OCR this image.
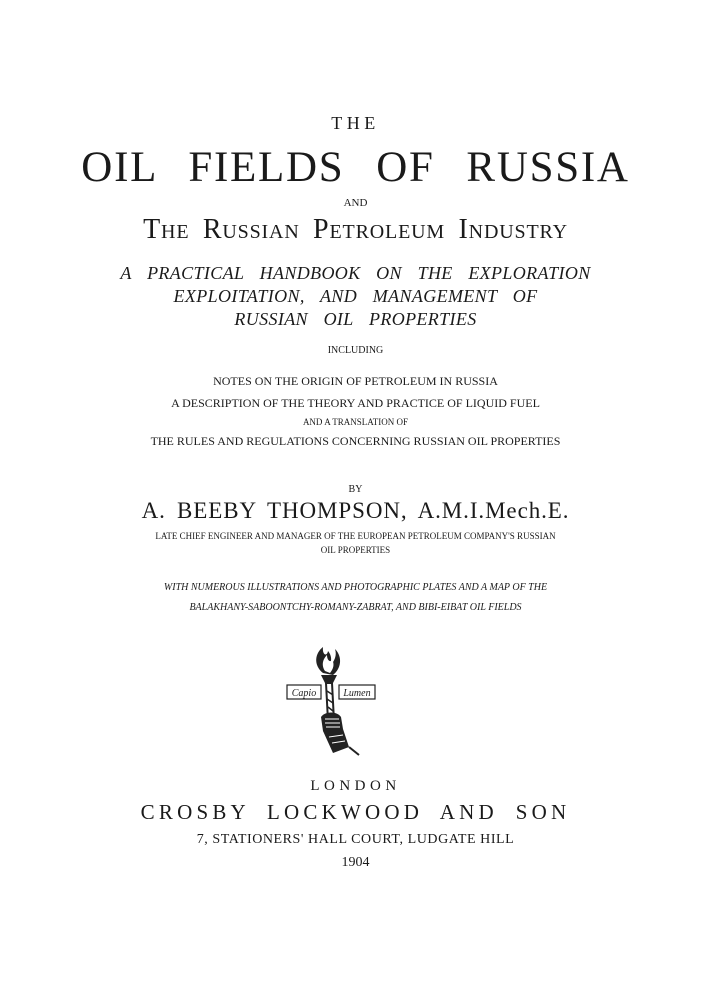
THE
OIL FIELDS OF RUSSIA
AND
The Russian Petroleum Industry
A PRACTICAL HANDBOOK ON THE EXPLORATION
EXPLOITATION, AND MANAGEMENT OF
RUSSIAN OIL PROPERTIES
INCLUDING
NOTES ON THE ORIGIN OF PETROLEUM IN RUSSIA
A DESCRIPTION OF THE THEORY AND PRACTICE OF LIQUID FUEL
AND A TRANSLATION OF
THE RULES AND REGULATIONS CONCERNING RUSSIAN OIL PROPERTIES
BY
A. BEEBY THOMPSON, A.M.I.Mech.E.
LATE CHIEF ENGINEER AND MANAGER OF THE EUROPEAN PETROLEUM COMPANY'S RUSSIAN
OIL PROPERTIES
WITH NUMEROUS ILLUSTRATIONS AND PHOTOGRAPHIC PLATES AND A MAP OF THE
BALAKHANY-SABOONTCHY-ROMANY-ZABRAT, AND BIBI-EIBAT OIL FIELDS
Capio	Lumen
LONDON
CROSBY LOCKWOOD AND SON
7, STATIONERS' HALL COURT, LUDGATE HILL
1904
